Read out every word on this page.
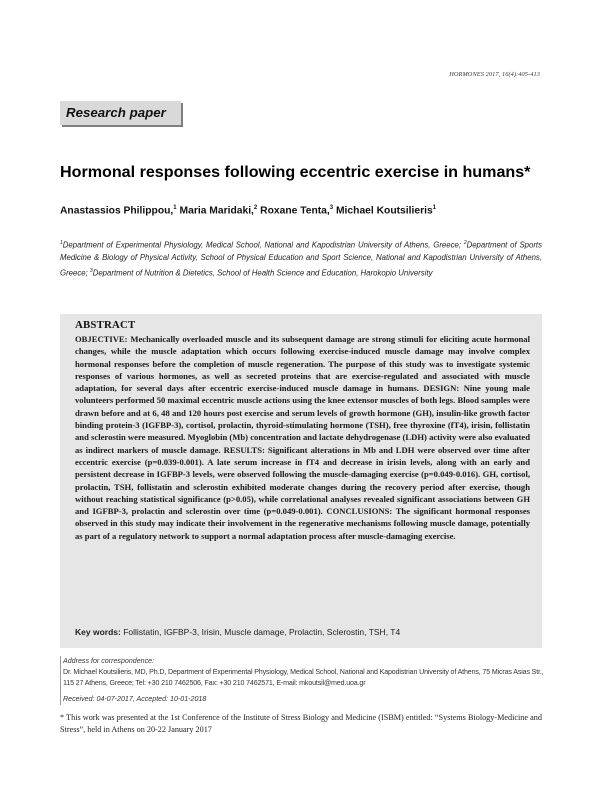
HORMONES 2017, 16(4):405-413
Research paper
Hormonal responses following eccentric exercise in humans*
Anastassios Philippou,$^1$ Maria Maridaki,$^2$ Roxane Tenta,$^3$ Michael Koutsilieris$^1$
$^1$Department of Experimental Physiology, Medical School, National and Kapodistrian University of Athens, Greece; $^2$Department of Sports Medicine & Biology of Physical Activity, School of Physical Education and Sport Science, National and Kapodistrian University of Athens, Greece; $^3$Department of Nutrition & Dietetics, School of Health Science and Education, Harokopio University
ABSTRACT
OBJECTIVE: Mechanically overloaded muscle and its subsequent damage are strong stimuli for eliciting acute hormonal changes, while the muscle adaptation which occurs following exercise-induced muscle damage may involve complex hormonal responses before the completion of muscle regeneration. The purpose of this study was to investigate systemic responses of various hormones, as well as secreted proteins that are exercise-regulated and associated with muscle adaptation, for several days after eccentric exercise-induced muscle damage in humans. DESIGN: Nine young male volunteers performed 50 maximal eccentric muscle actions using the knee extensor muscles of both legs. Blood samples were drawn before and at 6, 48 and 120 hours post exercise and serum levels of growth hormone (GH), insulin-like growth factor binding protein-3 (IGFBP-3), cortisol, prolactin, thyroid-stimulating hormone (TSH), free thyroxine (fT4), irisin, follistatin and sclerostin were measured. Myoglobin (Mb) concentration and lactate dehydrogenase (LDH) activity were also evaluated as indirect markers of muscle damage. RESULTS: Significant alterations in Mb and LDH were observed over time after eccentric exercise (p=0.039-0.001). A late serum increase in fT4 and decrease in irisin levels, along with an early and persistent decrease in IGFBP-3 levels, were observed following the muscle-damaging exercise (p=0.049-0.016). GH, cortisol, prolactin, TSH, follistatin and sclerostin exhibited moderate changes during the recovery period after exercise, though without reaching statistical significance (p>0.05), while correlational analyses revealed significant associations between GH and IGFBP-3, prolactin and sclerostin over time (p=0.049-0.001). CONCLUSIONS: The significant hormonal responses observed in this study may indicate their involvement in the regenerative mechanisms following muscle damage, potentially as part of a regulatory network to support a normal adaptation process after muscle-damaging exercise.
Key words: Follistatin, IGFBP-3, Irisin, Muscle damage, Prolactin, Sclerostin, TSH, T4
Address for correspondence:
Dr. Michael Koutsilieris, MD, Ph.D, Department of Experimental Physiology, Medical School, National and Kapodistrian University of Athens, 75 Micras Asias Str., 115 27 Athens, Greece; Tel: +30 210 7462506, Fax: +30 210 7462571, E-mail: mkoutsil@med.uoa.gr
Received: 04-07-2017, Accepted: 10-01-2018
* This work was presented at the 1st Conference of the Institute of Stress Biology and Medicine (ISBM) entitled: “Systems Biology-Medicine and Stress”, held in Athens on 20-22 January 2017
